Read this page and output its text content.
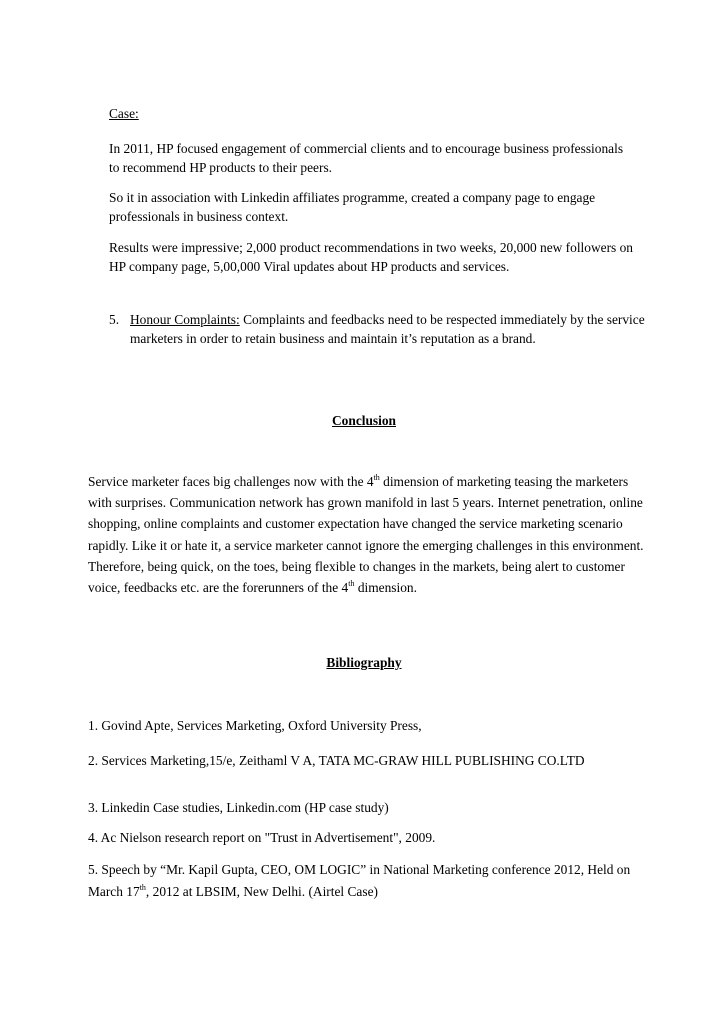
Case:

In 2011, HP focused engagement of commercial clients and to encourage business professionals to recommend HP products to their peers.

So it in association with Linkedin affiliates programme, created a company page to engage professionals in business context.

Results were impressive; 2,000 product recommendations in two weeks, 20,000 new followers on HP company page, 5,00,000 Viral updates about HP products and services.

5. Honour Complaints: Complaints and feedbacks need to be respected immediately by the service marketers in order to retain business and maintain it’s reputation as a brand.

Conclusion

Service marketer faces big challenges now with the 4th dimension of marketing teasing the marketers with surprises. Communication network has grown manifold in last 5 years. Internet penetration, online shopping, online complaints and customer expectation have changed the service marketing scenario rapidly. Like it or hate it, a service marketer cannot ignore the emerging challenges in this environment. Therefore, being quick, on the toes, being flexible to changes in the markets, being alert to customer voice, feedbacks etc. are the forerunners of the 4th dimension.

Bibliography

1. Govind Apte, Services Marketing, Oxford University Press,

2. Services Marketing,15/e, Zeithaml V A, TATA MC-GRAW HILL PUBLISHING CO.LTD

3. Linkedin Case studies, Linkedin.com (HP case study)

4. Ac Nielson research report on "Trust in Advertisement", 2009.

5. Speech by “Mr. Kapil Gupta, CEO, OM LOGIC” in National Marketing conference 2012, Held on March 17th, 2012 at LBSIM, New Delhi. (Airtel Case)
